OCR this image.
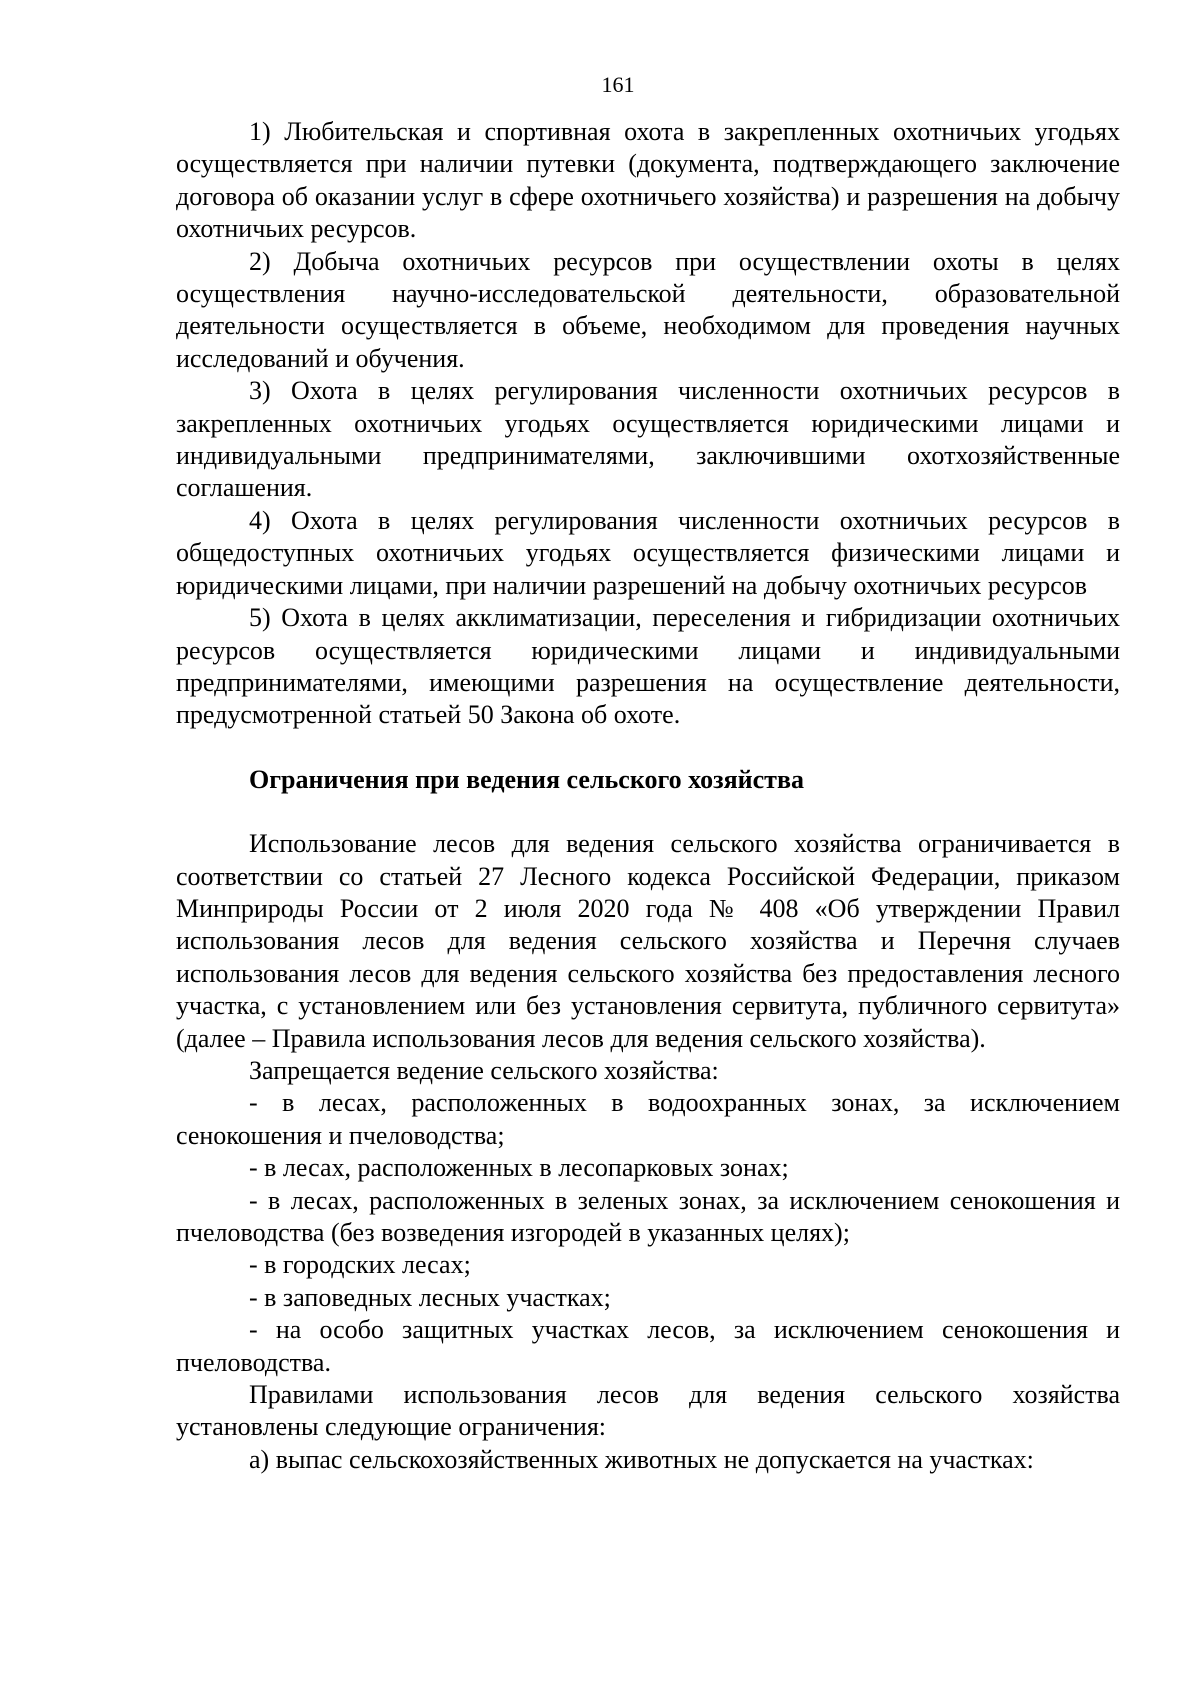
161

1) Любительская и спортивная охота в закрепленных охотничьих угодьях осуществляется при наличии путевки (документа, подтверждающего заключение договора об оказании услуг в сфере охотничьего хозяйства) и разрешения на добычу охотничьих ресурсов.

2) Добыча охотничьих ресурсов при осуществлении охоты в целях осуществления научно-исследовательской деятельности, образовательной деятельности осуществляется в объеме, необходимом для проведения научных исследований и обучения.

3) Охота в целях регулирования численности охотничьих ресурсов в закрепленных охотничьих угодьях осуществляется юридическими лицами и индивидуальными предпринимателями, заключившими охотхозяйственные соглашения.

4) Охота в целях регулирования численности охотничьих ресурсов в общедоступных охотничьих угодьях осуществляется физическими лицами и юридическими лицами, при наличии разрешений на добычу охотничьих ресурсов

5) Охота в целях акклиматизации, переселения и гибридизации охотничьих ресурсов осуществляется юридическими лицами и индивидуальными предпринимателями, имеющими разрешения на осуществление деятельности, предусмотренной статьей 50 Закона об охоте.

Ограничения при ведения сельского хозяйства

Использование лесов для ведения сельского хозяйства ограничивается в соответствии со статьей 27 Лесного кодекса Российской Федерации, приказом Минприроды России от 2 июля 2020 года № 408 «Об утверждении Правил использования лесов для ведения сельского хозяйства и Перечня случаев использования лесов для ведения сельского хозяйства без предоставления лесного участка, с установлением или без установления сервитута, публичного сервитута» (далее – Правила использования лесов для ведения сельского хозяйства).

Запрещается ведение сельского хозяйства:

- в лесах, расположенных в водоохранных зонах, за исключением сенокошения и пчеловодства;

- в лесах, расположенных в лесопарковых зонах;

- в лесах, расположенных в зеленых зонах, за исключением сенокошения и пчеловодства (без возведения изгородей в указанных целях);

- в городских лесах;

- в заповедных лесных участках;

- на особо защитных участках лесов, за исключением сенокошения и пчеловодства.

Правилами использования лесов для ведения сельского хозяйства установлены следующие ограничения:

а) выпас сельскохозяйственных животных не допускается на участках:
